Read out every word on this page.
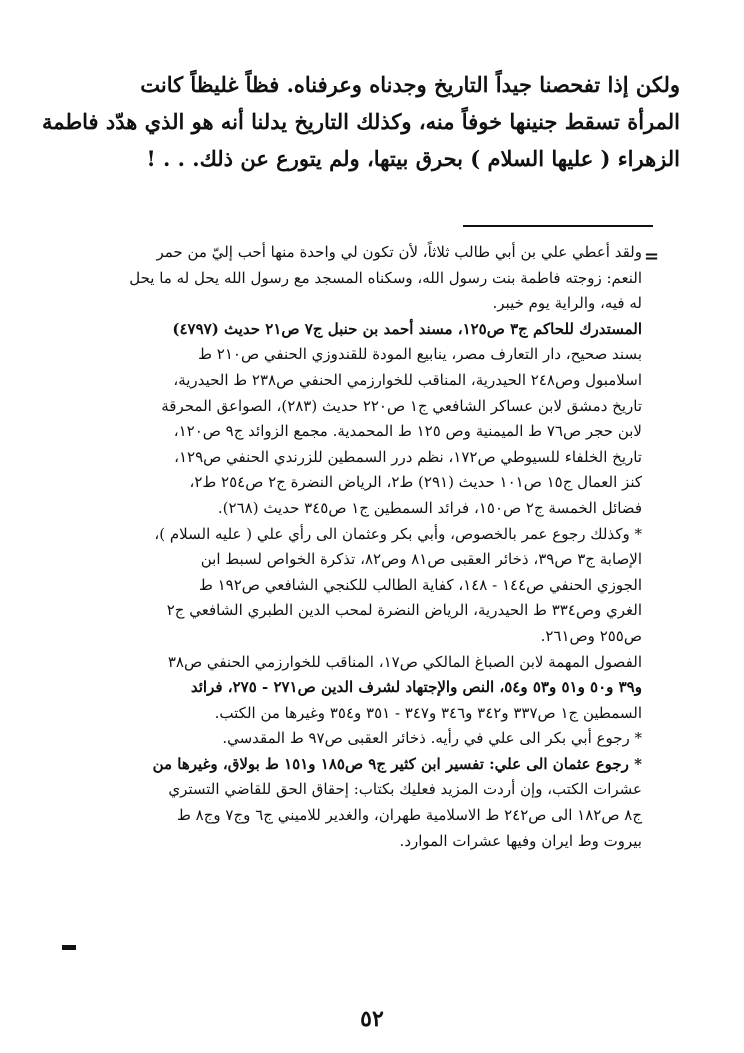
ولكن إذا تفحصنا جيداً التاريخ وجدناه وعرفناه. فظاً غليظاً كانت

المرأة تسقط جنينها خوفاً منه، وكذلك التاريخ يدلنا أنه هو الذي هدّد فاطمة

الزهراء ( عليها السلام ) بحرق بيتها، ولم يتورع عن ذلك. . . !

=

ولقد أعطي علي بن أبي طالب ثلاثاً، لأن تكون لي واحدة منها أحب إليّ من حمر

النعم: زوجته فاطمة بنت رسول الله، وسكناه المسجد مع رسول الله يحل له ما يحل

له فيه، والراية يوم خيبر.

المستدرك للحاكم ج٣ ص١٢٥، مسند أحمد بن حنبل ج٧ ص٢١ حديث (٤٧٩٧)

بسند صحيح، دار التعارف مصر، ينابيع المودة للقندوزي الحنفي ص٢١٠ ط

اسلامبول وص٢٤٨ الحيدرية، المناقب للخوارزمي الحنفي ص٢٣٨ ط الحيدرية،

تاريخ دمشق لابن عساكر الشافعي ج١ ص٢٢٠ حديث (٢٨٣)، الصواعق المحرقة

لابن حجر ص٧٦ ط الميمنية وص ١٢٥ ط المحمدية. مجمع الزوائد ج٩ ص١٢٠،

تاريخ الخلفاء للسيوطي ص١٧٢، نظم درر السمطين للزرندي الحنفي ص١٢٩،

كنز العمال ج١٥ ص١٠١ حديث (٢٩١) ط٢، الرياض النضرة ج٢ ص٢٥٤ ط٢،

فضائل الخمسة ج٢ ص١٥٠، فرائد السمطين ج١ ص٣٤٥ حديث (٢٦٨).

* وكذلك رجوع عمر بالخصوص، وأبي بكر وعثمان الى رأي علي ( عليه السلام )،

الإصابة ج٣ ص٣٩، ذخائر العقبى ص٨١ وص٨٢، تذكرة الخواص لسبط ابن

الجوزي الحنفي ص١٤٤ - ١٤٨، كفاية الطالب للكنجي الشافعي ص١٩٢ ط

الغري وص٣٣٤ ط الحيدرية، الرياض النضرة لمحب الدين الطبري الشافعي ج٢

ص٢٥٥ وص٢٦١.

الفصول المهمة لابن الصباغ المالكي ص١٧، المناقب للخوارزمي الحنفي ص٣٨

و٣٩ و٥٠ و٥١ و٥٣ و٥٤، النص والإجتهاد لشرف الدين ص٢٧١ - ٢٧٥، فرائد

السمطين ج١ ص٣٣٧ و٣٤٢ و٣٤٦ و٣٤٧ - ٣٥١ و٣٥٤ وغيرها من الكتب.

* رجوع أبي بكر الى علي في رأيه. ذخائر العقبى ص٩٧ ط المقدسي.

* رجوع عثمان الى علي: تفسير ابن كثير ج٩ ص١٨٥ و١٥١ ط بولاق، وغيرها من

عشرات الكتب، وإن أردت المزيد فعليك بكتاب: إحقاق الحق للقاضي التستري

ج٨ ص١٨٢ الى ص٢٤٢ ط الاسلامية طهران، والغدير للاميني ج٦ وج٧ وج٨ ط

بيروت وط ايران وفيها عشرات الموارد.

٥٢
